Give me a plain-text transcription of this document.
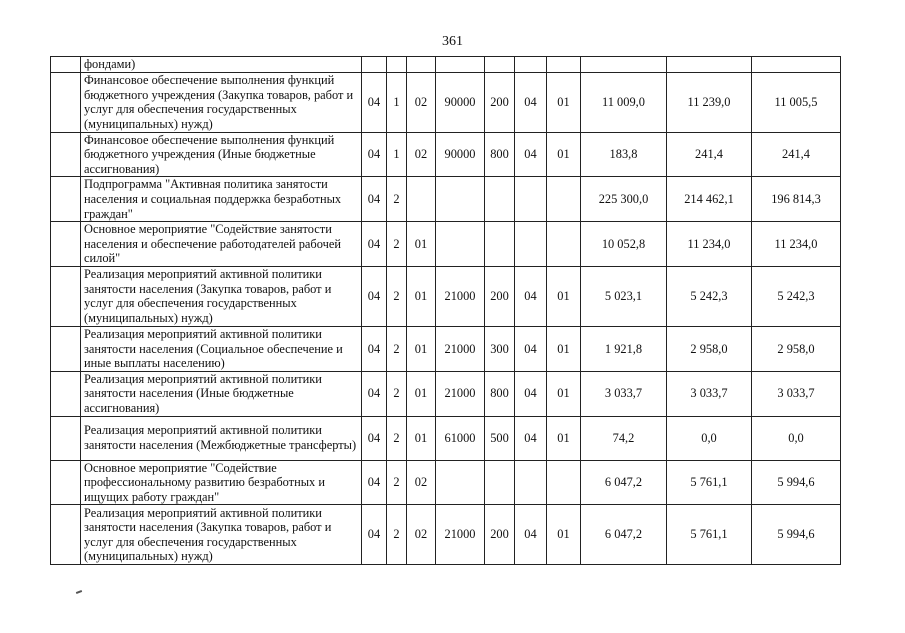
361
	фондами)										
	Финансовое обеспечение выполнения функций бюджетного учреждения (Закупка товаров, работ и услуг для обеспечения государственных (муниципальных) нужд)	04	1	02	90000	200	04	01	11 009,0	11 239,0	11 005,5
	Финансовое обеспечение выполнения функций бюджетного учреждения (Иные бюджетные ассигнования)	04	1	02	90000	800	04	01	183,8	241,4	241,4
	Подпрограмма "Активная политика занятости населения и социальная поддержка безработных граждан"	04	2						225 300,0	214 462,1	196 814,3
	Основное мероприятие "Содействие занятости населения и обеспечение работодателей рабочей силой"	04	2	01					10 052,8	11 234,0	11 234,0
	Реализация мероприятий активной политики занятости населения (Закупка товаров, работ и услуг для обеспечения государственных (муниципальных) нужд)	04	2	01	21000	200	04	01	5 023,1	5 242,3	5 242,3
	Реализация мероприятий активной политики занятости населения (Социальное обеспечение и иные выплаты населению)	04	2	01	21000	300	04	01	1 921,8	2 958,0	2 958,0
	Реализация мероприятий активной политики занятости населения (Иные бюджетные ассигнования)	04	2	01	21000	800	04	01	3 033,7	3 033,7	3 033,7
	Реализация мероприятий активной политики занятости населения (Межбюджетные трансферты)	04	2	01	61000	500	04	01	74,2	0,0	0,0
	Основное мероприятие "Содействие профессиональному развитию безработных и ищущих работу граждан"	04	2	02					6 047,2	5 761,1	5 994,6
	Реализация мероприятий активной политики занятости населения (Закупка товаров, работ и услуг для обеспечения государственных (муниципальных) нужд)	04	2	02	21000	200	04	01	6 047,2	5 761,1	5 994,6
